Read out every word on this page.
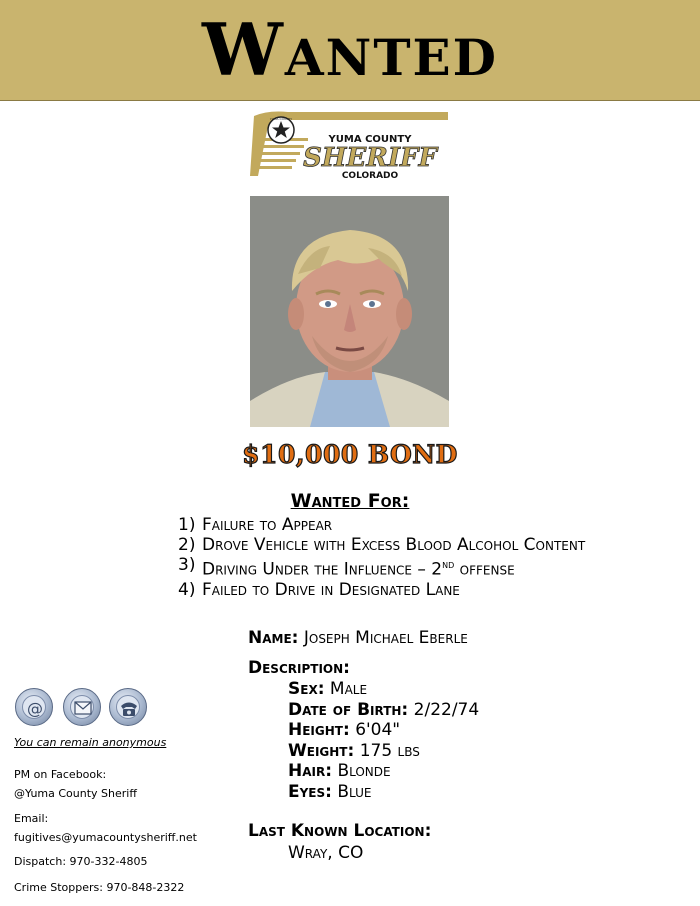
Wanted
YUMA COUNTY
YUMA COUNTY
SHERIFF
COLORADO
$10,000 BOND
Wanted For:
1) Failure to Appear
2) Drove Vehicle with Excess Blood Alcohol Content
3) Driving Under the Influence – 2nd offense
4) Failed to Drive in Designated Lane
Name: Joseph Michael Eberle
Description:
Sex: Male
Date of Birth: 2/22/74
Height: 6'04"
Weight: 175 lbs
Hair: Blonde
Eyes: Blue
Last Known Location:
Wray, CO
@
You can remain anonymous
PM on Facebook:
@Yuma County Sheriff
Email:
fugitives@yumacountysheriff.net
Dispatch: 970-332-4805
Crime Stoppers: 970-848-2322
